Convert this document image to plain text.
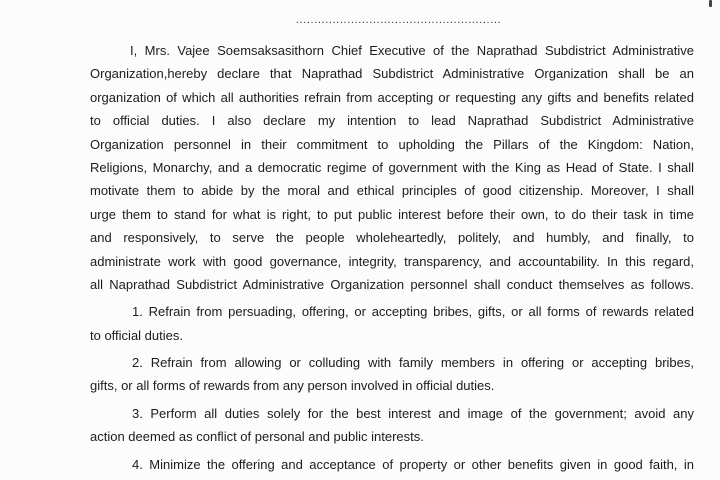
........................................................
I, Mrs. Vajee Soemsaksasithorn Chief Executive of the Naprathad Subdistrict Administrative
Organization,hereby declare that Naprathad Subdistrict Administrative Organization shall be an
organization of which all authorities refrain from accepting or requesting any gifts and benefits related
to official duties. I also declare my intention to lead Naprathad Subdistrict Administrative
Organization personnel in their commitment to upholding the Pillars of the Kingdom: Nation,
Religions, Monarchy, and a democratic regime of government with the King as Head of State. I shall
motivate them to abide by the moral and ethical principles of good citizenship. Moreover, I shall
urge them to stand for what is right, to put public interest before their own, to do their task in time
and responsively, to serve the people wholeheartedly, politely, and humbly, and finally, to
administrate work with good governance, integrity, transparency, and accountability. In this regard,
all Naprathad Subdistrict Administrative Organization personnel shall conduct themselves as follows.
1. Refrain from persuading, offering, or accepting bribes, gifts, or all forms of rewards related
to official duties.
2. Refrain from allowing or colluding with family members in offering or accepting bribes,
gifts, or all forms of rewards from any person involved in official duties.
3. Perform all duties solely for the best interest and image of the government; avoid any
action deemed as conflict of personal and public interests.
4. Minimize the offering and acceptance of property or other benefits given in good faith, in
